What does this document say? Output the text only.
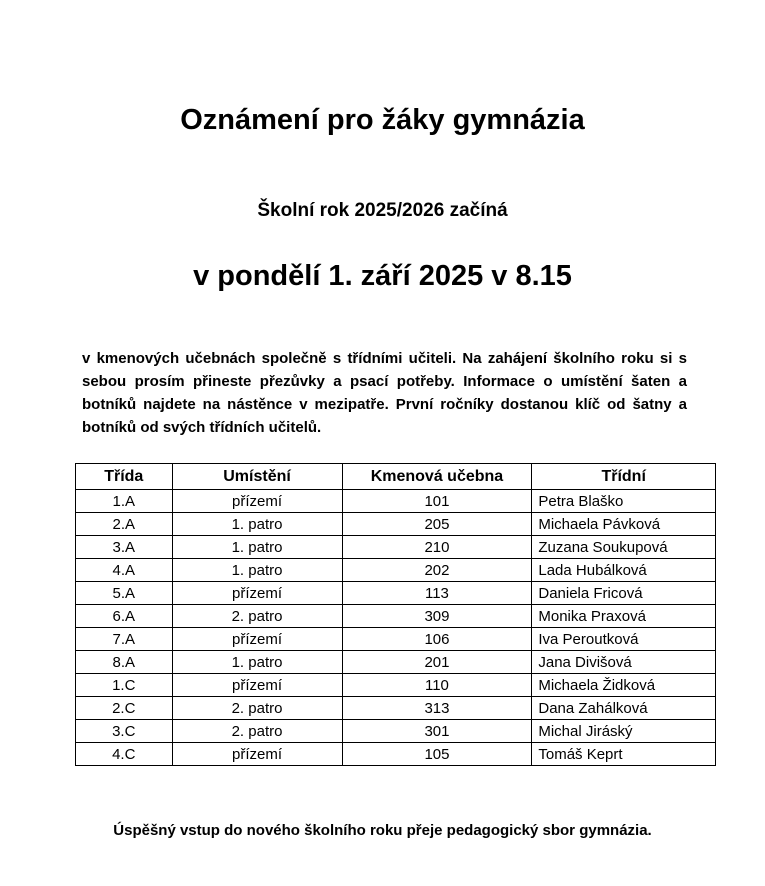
Oznámení pro žáky gymnázia
Školní rok 2025/2026 začíná
v pondělí 1. září 2025 v 8.15

v kmenových učebnách společně s třídními učiteli. Na zahájení školního roku si s sebou prosím přineste přezůvky a psací potřeby. Informace o umístění šaten a botníků najdete na nástěnce v mezipatře. První ročníky dostanou klíč od šatny a botníků od svých třídních učitelů.

Třída	Umístění	Kmenová učebna	Třídní
1.A	přízemí	101	Petra Blaško
2.A	1. patro	205	Michaela Pávková
3.A	1. patro	210	Zuzana Soukupová
4.A	1. patro	202	Lada Hubálková
5.A	přízemí	113	Daniela Fricová
6.A	2. patro	309	Monika Praxová
7.A	přízemí	106	Iva Peroutková
8.A	1. patro	201	Jana Divišová
1.C	přízemí	110	Michaela Židková
2.C	2. patro	313	Dana Zahálková
3.C	2. patro	301	Michal Jiráský
4.C	přízemí	105	Tomáš Keprt

Úspěšný vstup do nového školního roku přeje pedagogický sbor gymnázia.
